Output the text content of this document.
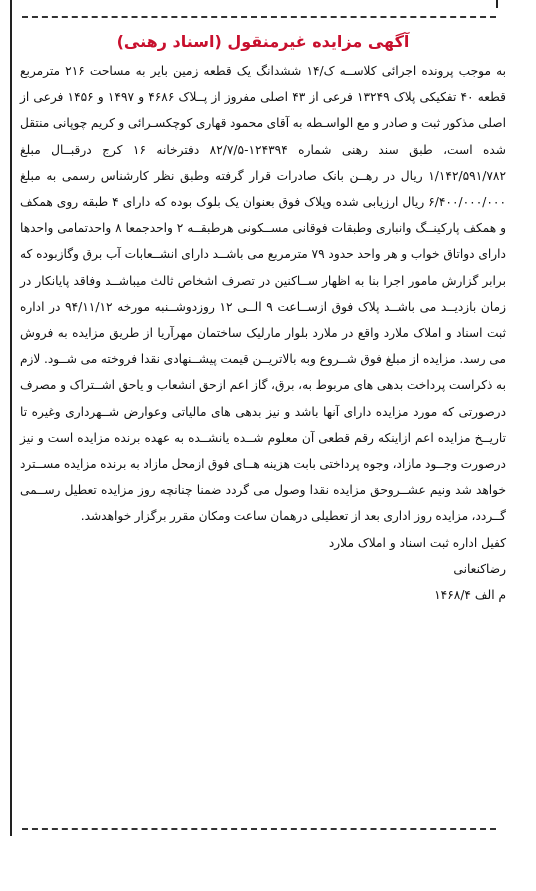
آگهی مزایده غیرمنقول (اسناد رهنی)

به موجب پرونده اجرائی کلاســه ک/۱۴ ششدانگ یک قطعه زمین بایر به مساحت ۲۱۶ مترمربع قطعه ۴۰ تفکیکی پلاک ۱۳۲۴۹ فرعی از ۴۳ اصلی مفروز از پــلاک ۴۶۸۶ و ۱۴۹۷ و ۱۴۵۶ فرعی از اصلی مذکور ثبت و صادر و مع الواسـطه به آقای محمود قهاری کوچکسـرائی و کریم چوپانی منتقل شده است، طبق سند رهنی شماره ۱۲۴۳۹۴-۸۲/۷/۵ دفترخانه ۱۶ کرج درقبــال مبلغ ۱/۱۴۲/۵۹۱/۷۸۲ ریال در رهــن بانک صادرات قرار گرفته وطبق نظر کارشناس رسمی به مبلغ ۶/۴۰۰/۰۰۰/۰۰۰ ریال ارزیابی شده وپلاک فوق بعنوان یک بلوک بوده که دارای ۴ طبقه روی همکف و همکف پارکینــگ وانباری وطبقات فوقانی مســکونی هرطبقــه ۲ واحدجمعا ۸ واحدتمامی واحدها دارای دواتاق خواب و هر واحد حدود ۷۹ مترمربع می باشــد دارای انشــعابات آب برق وگازبوده که برابر گزارش مامور اجرا بنا به اظهار ســاکنین در تصرف اشخاص ثالث میباشــد وفاقد پایانکار در زمان بازدیــد می باشــد پلاک فوق ازســاعت ۹ الــی ۱۲ روزدوشــنبه مورخه ۹۴/۱۱/۱۲ در اداره ثبت اسناد و املاک ملارد واقع در ملارد بلوار مارلیک ساختمان مهرآریا از طریق مزایده به فروش می رسد. مزایده از مبلغ فوق شــروع وبه بالاتریــن قیمت پیشــنهادی نقدا فروخته می شــود. لازم به ذکراست پرداخت بدهی های مربوط به، برق، گاز اعم ازحق انشعاب و یاحق اشــتراک و مصرف درصورتی که مورد مزایده دارای آنها باشد و نیز بدهی های مالیاتی وعوارض شــهرداری وغیره تا تاریــخ مزایده اعم ازاینکه رقم قطعی آن معلوم شــده یانشــده به عهده برنده مزایده است و نیز درصورت وجــود مازاد، وجوه پرداختی بابت هزینه هــای فوق ازمحل مازاد به برنده مزایده مســترد خواهد شد ونیم عشــروحق مزایده نقدا وصول می گردد ضمنا چنانچه روز مزایده تعطیل رســمی گــردد، مزایده روز اداری بعد از تعطیلی درهمان ساعت ومکان مقرر برگزار خواهدشد.

کفیل اداره ثبت اسناد و املاک ملارد

رضاکنعانی

م الف ۱۴۶۸/۴
